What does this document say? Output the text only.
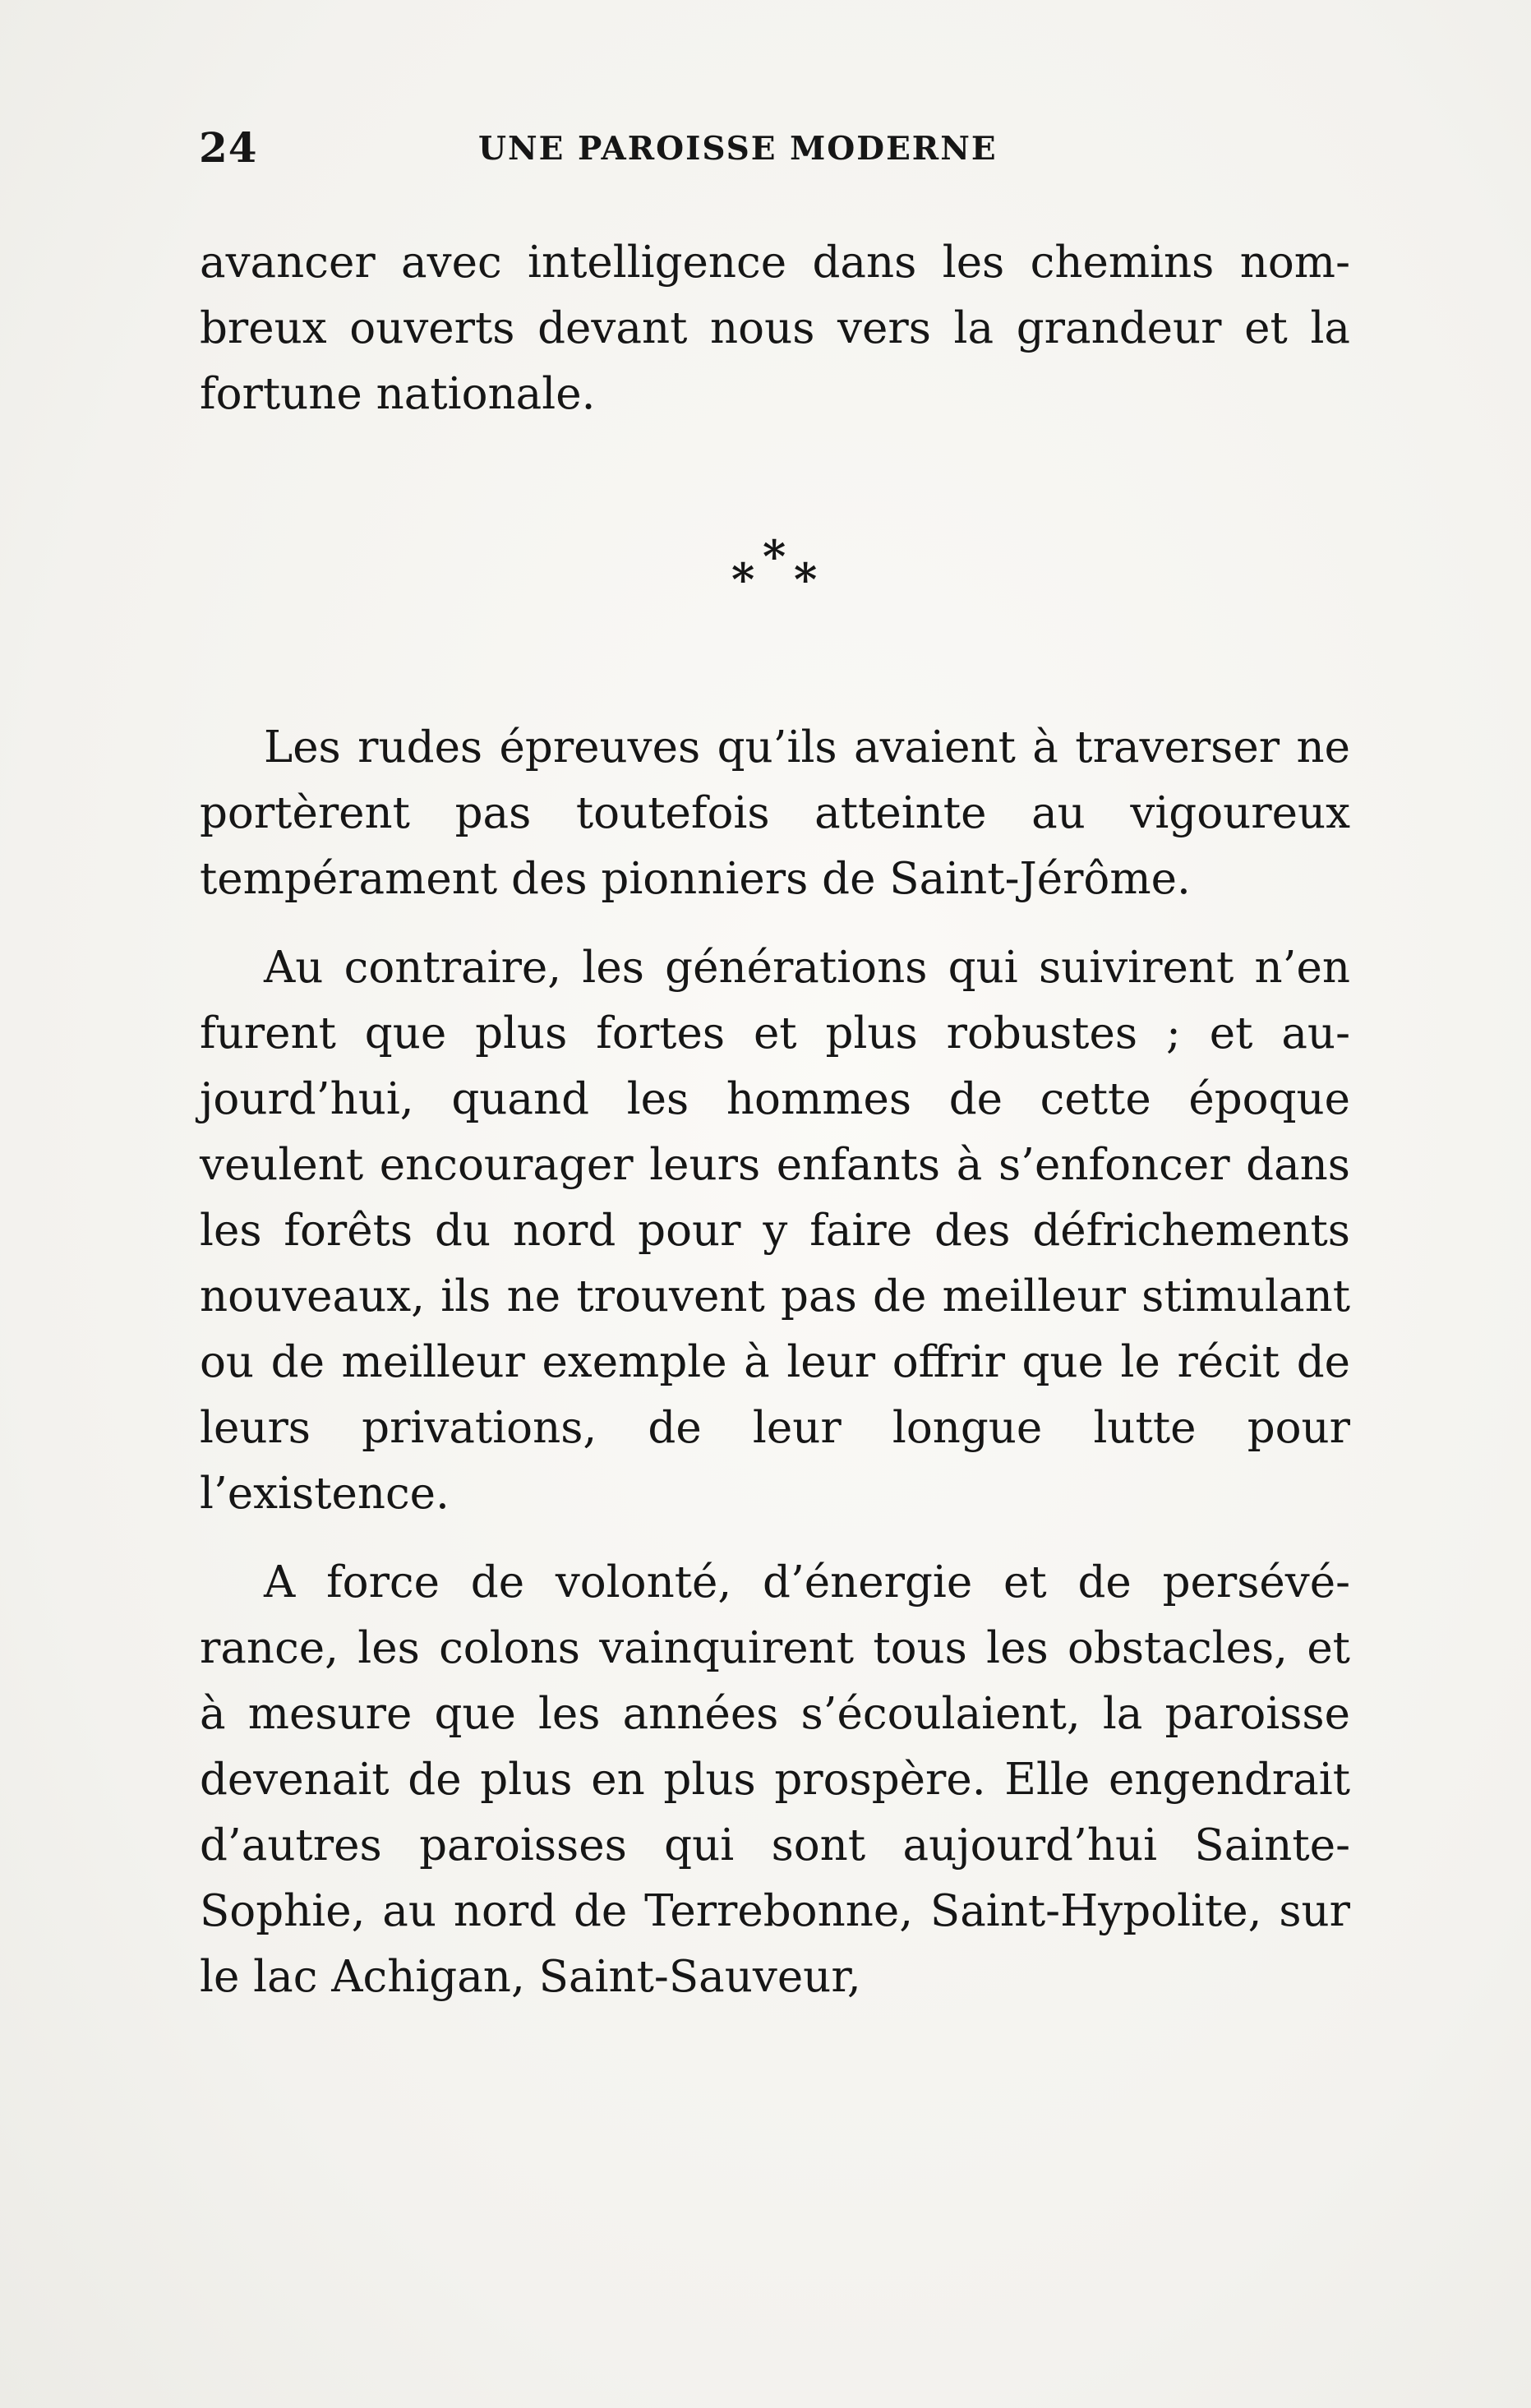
24	UNE PAROISSE MODERNE

avancer avec intelligence dans les chemins nombreux ouverts devant nous vers la grandeur et la fortune nationale.

*
* *

Les rudes épreuves qu’ils avaient à traverser ne portèrent pas toutefois atteinte au vigoureux tempérament des pionniers de Saint-Jérôme.

Au contraire, les générations qui suivirent n’en furent que plus fortes et plus robustes ; et aujourd’hui, quand les hommes de cette époque veulent encourager leurs enfants à s’enfoncer dans les forêts du nord pour y faire des défrichements nouveaux, ils ne trouvent pas de meilleur stimulant ou de meilleur exemple à leur offrir que le récit de leurs privations, de leur longue lutte pour l’existence.

A force de volonté, d’énergie et de persévérance, les colons vainquirent tous les obstacles, et à mesure que les années s’écoulaient, la paroisse devenait de plus en plus prospère. Elle engendrait d’autres paroisses qui sont aujourd’hui Sainte-Sophie, au nord de Terrebonne, Saint-Hypolite, sur le lac Achigan, Saint-Sauveur,
